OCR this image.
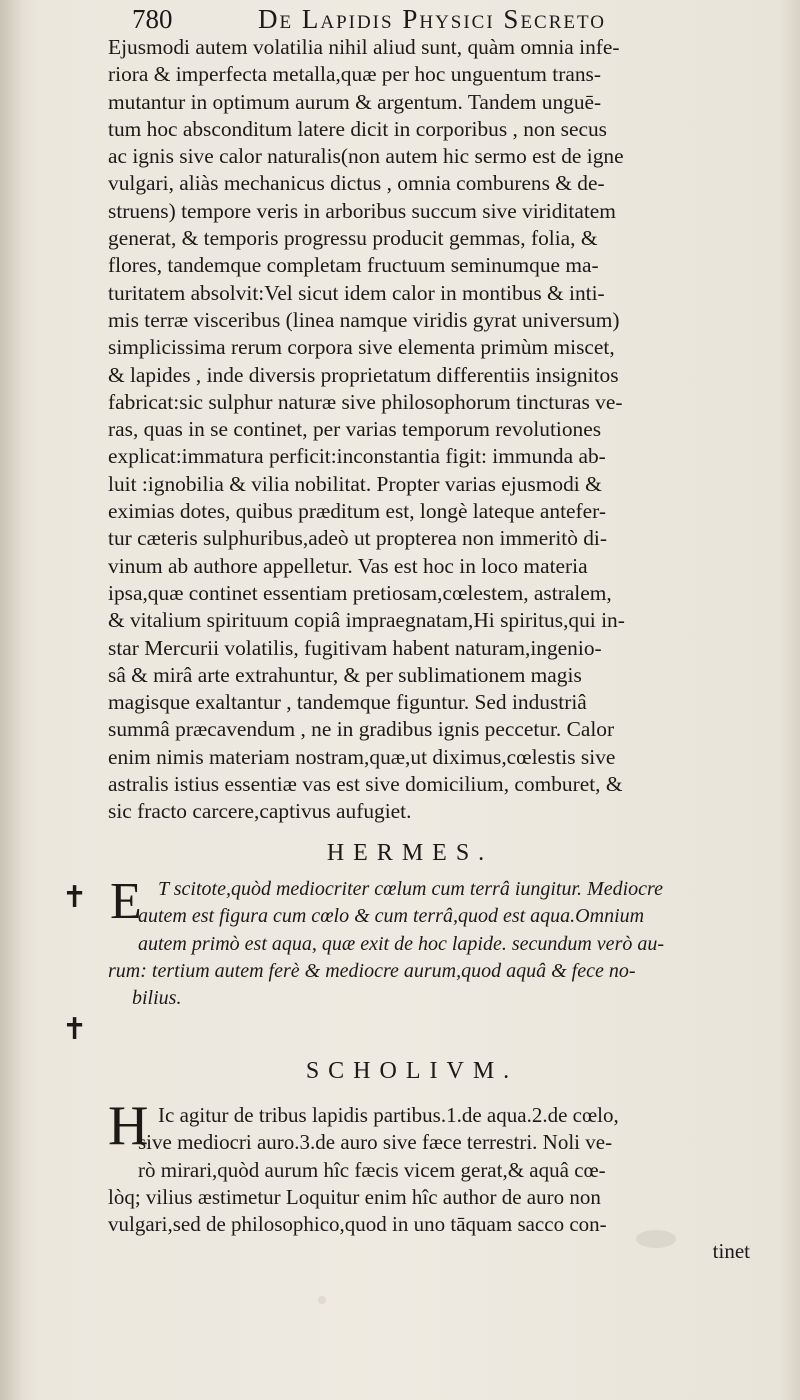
780	De Lapidis Physici Secreto
Ejusmodi autem volatilia nihil aliud sunt, quàm omnia infe-
riora & imperfecta metalla,quæ per hoc unguentum trans-
mutantur in optimum aurum & argentum. Tandem unguē-
tum hoc absconditum latere dicit in corporibus , non secus
ac ignis sive calor naturalis(non autem hic sermo est de igne
vulgari, aliàs mechanicus dictus , omnia comburens & de-
struens) tempore veris in arboribus succum sive viriditatem
generat, & temporis progressu producit gemmas, folia, &
flores, tandemque completam fructuum seminumque ma-
turitatem absolvit:Vel sicut idem calor in montibus & inti-
mis terræ visceribus (linea namque viridis gyrat universum)
simplicissima rerum corpora sive elementa primùm miscet,
& lapides , inde diversis proprietatum differentiis insignitos
fabricat:sic sulphur naturæ sive philosophorum tincturas ve-
ras, quas in se continet, per varias temporum revolutiones
explicat:immatura perficit:inconstantia figit: immunda ab-
luit :ignobilia & vilia nobilitat. Propter varias ejusmodi &
eximias dotes, quibus præditum est, longè lateque antefer-
tur cæteris sulphuribus,adeò ut propterea non immeritò di-
vinum ab authore appelletur. Vas est hoc in loco materia
ipsa,quæ continet essentiam pretiosam,cœlestem, astralem,
& vitalium spirituum copiâ impraegnatam,Hi spiritus,qui in-
star Mercurii volatilis, fugitivam habent naturam,ingenio-
sâ & mirâ arte extrahuntur, & per sublimationem magis
magisque exaltantur , tandemque figuntur. Sed industriâ
summâ præcavendum , ne in gradibus ignis peccetur. Calor
enim nimis materiam nostram,quæ,ut diximus,cœlestis sive
astralis istius essentiæ vas est sive domicilium, comburet, &
sic fracto carcere,captivus aufugiet.
HERMES.
✝
✝
E T scitote,quòd mediocriter cœlum cum terrâ iungitur. Mediocre
autem est figura cum cœlo & cum terrâ,quod est aqua.Omnium
autem primò est aqua, quæ exit de hoc lapide. secundum verò au-
rum: tertium autem ferè & mediocre aurum,quod aquâ & fece no-
bilius.
SCHOLIVM.
H Ic agitur de tribus lapidis partibus.1.de aqua.2.de cœlo,
sive mediocri auro.3.de auro sive fæce terrestri. Noli ve-
rò mirari,quòd aurum hîc fæcis vicem gerat,& aquâ cœ-
lòq; vilius æstimetur Loquitur enim hîc author de auro non
vulgari,sed de philosophico,quod in uno tāquam sacco con-
tinet
